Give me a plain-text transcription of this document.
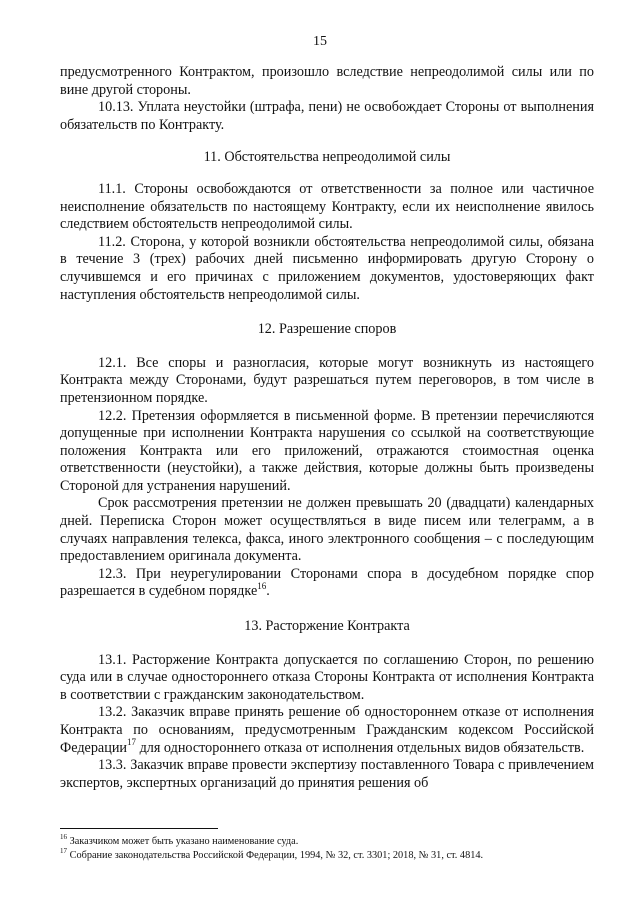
15

предусмотренного Контрактом, произошло вследствие непреодолимой силы или по вине другой стороны.

10.13. Уплата неустойки (штрафа, пени) не освобождает Стороны от выполнения обязательств по Контракту.

11. Обстоятельства непреодолимой силы

11.1. Стороны освобождаются от ответственности за полное или частичное неисполнение обязательств по настоящему Контракту, если их неисполнение явилось следствием обстоятельств непреодолимой силы.

11.2. Сторона, у которой возникли обстоятельства непреодолимой силы, обязана в течение 3 (трех) рабочих дней письменно информировать другую Сторону о случившемся и его причинах с приложением документов, удостоверяющих факт наступления обстоятельств непреодолимой силы.

12. Разрешение споров

12.1. Все споры и разногласия, которые могут возникнуть из настоящего Контракта между Сторонами, будут разрешаться путем переговоров, в том числе в претензионном порядке.

12.2. Претензия оформляется в письменной форме. В претензии перечисляются допущенные при исполнении Контракта нарушения со ссылкой на соответствующие положения Контракта или его приложений, отражаются стоимостная оценка ответственности (неустойки), а также действия, которые должны быть произведены Стороной для устранения нарушений.

Срок рассмотрения претензии не должен превышать 20 (двадцати) календарных дней. Переписка Сторон может осуществляться в виде писем или телеграмм, а в случаях направления телекса, факса, иного электронного сообщения – с последующим предоставлением оригинала документа.

12.3. При неурегулировании Сторонами спора в досудебном порядке спор разрешается в судебном порядке$^{16}$.

13. Расторжение Контракта

13.1. Расторжение Контракта допускается по соглашению Сторон, по решению суда или в случае одностороннего отказа Стороны Контракта от исполнения Контракта в соответствии с гражданским законодательством.

13.2. Заказчик вправе принять решение об одностороннем отказе от исполнения Контракта по основаниям, предусмотренным Гражданским кодексом Российской Федерации$^{17}$ для одностороннего отказа от исполнения отдельных видов обязательств.

13.3. Заказчик вправе провести экспертизу поставленного Товара с привлечением экспертов, экспертных организаций до принятия решения об

$^{16}$ Заказчиком может быть указано наименование суда.
$^{17}$ Собрание законодательства Российской Федерации, 1994, № 32, ст. 3301; 2018, № 31, ст. 4814.
